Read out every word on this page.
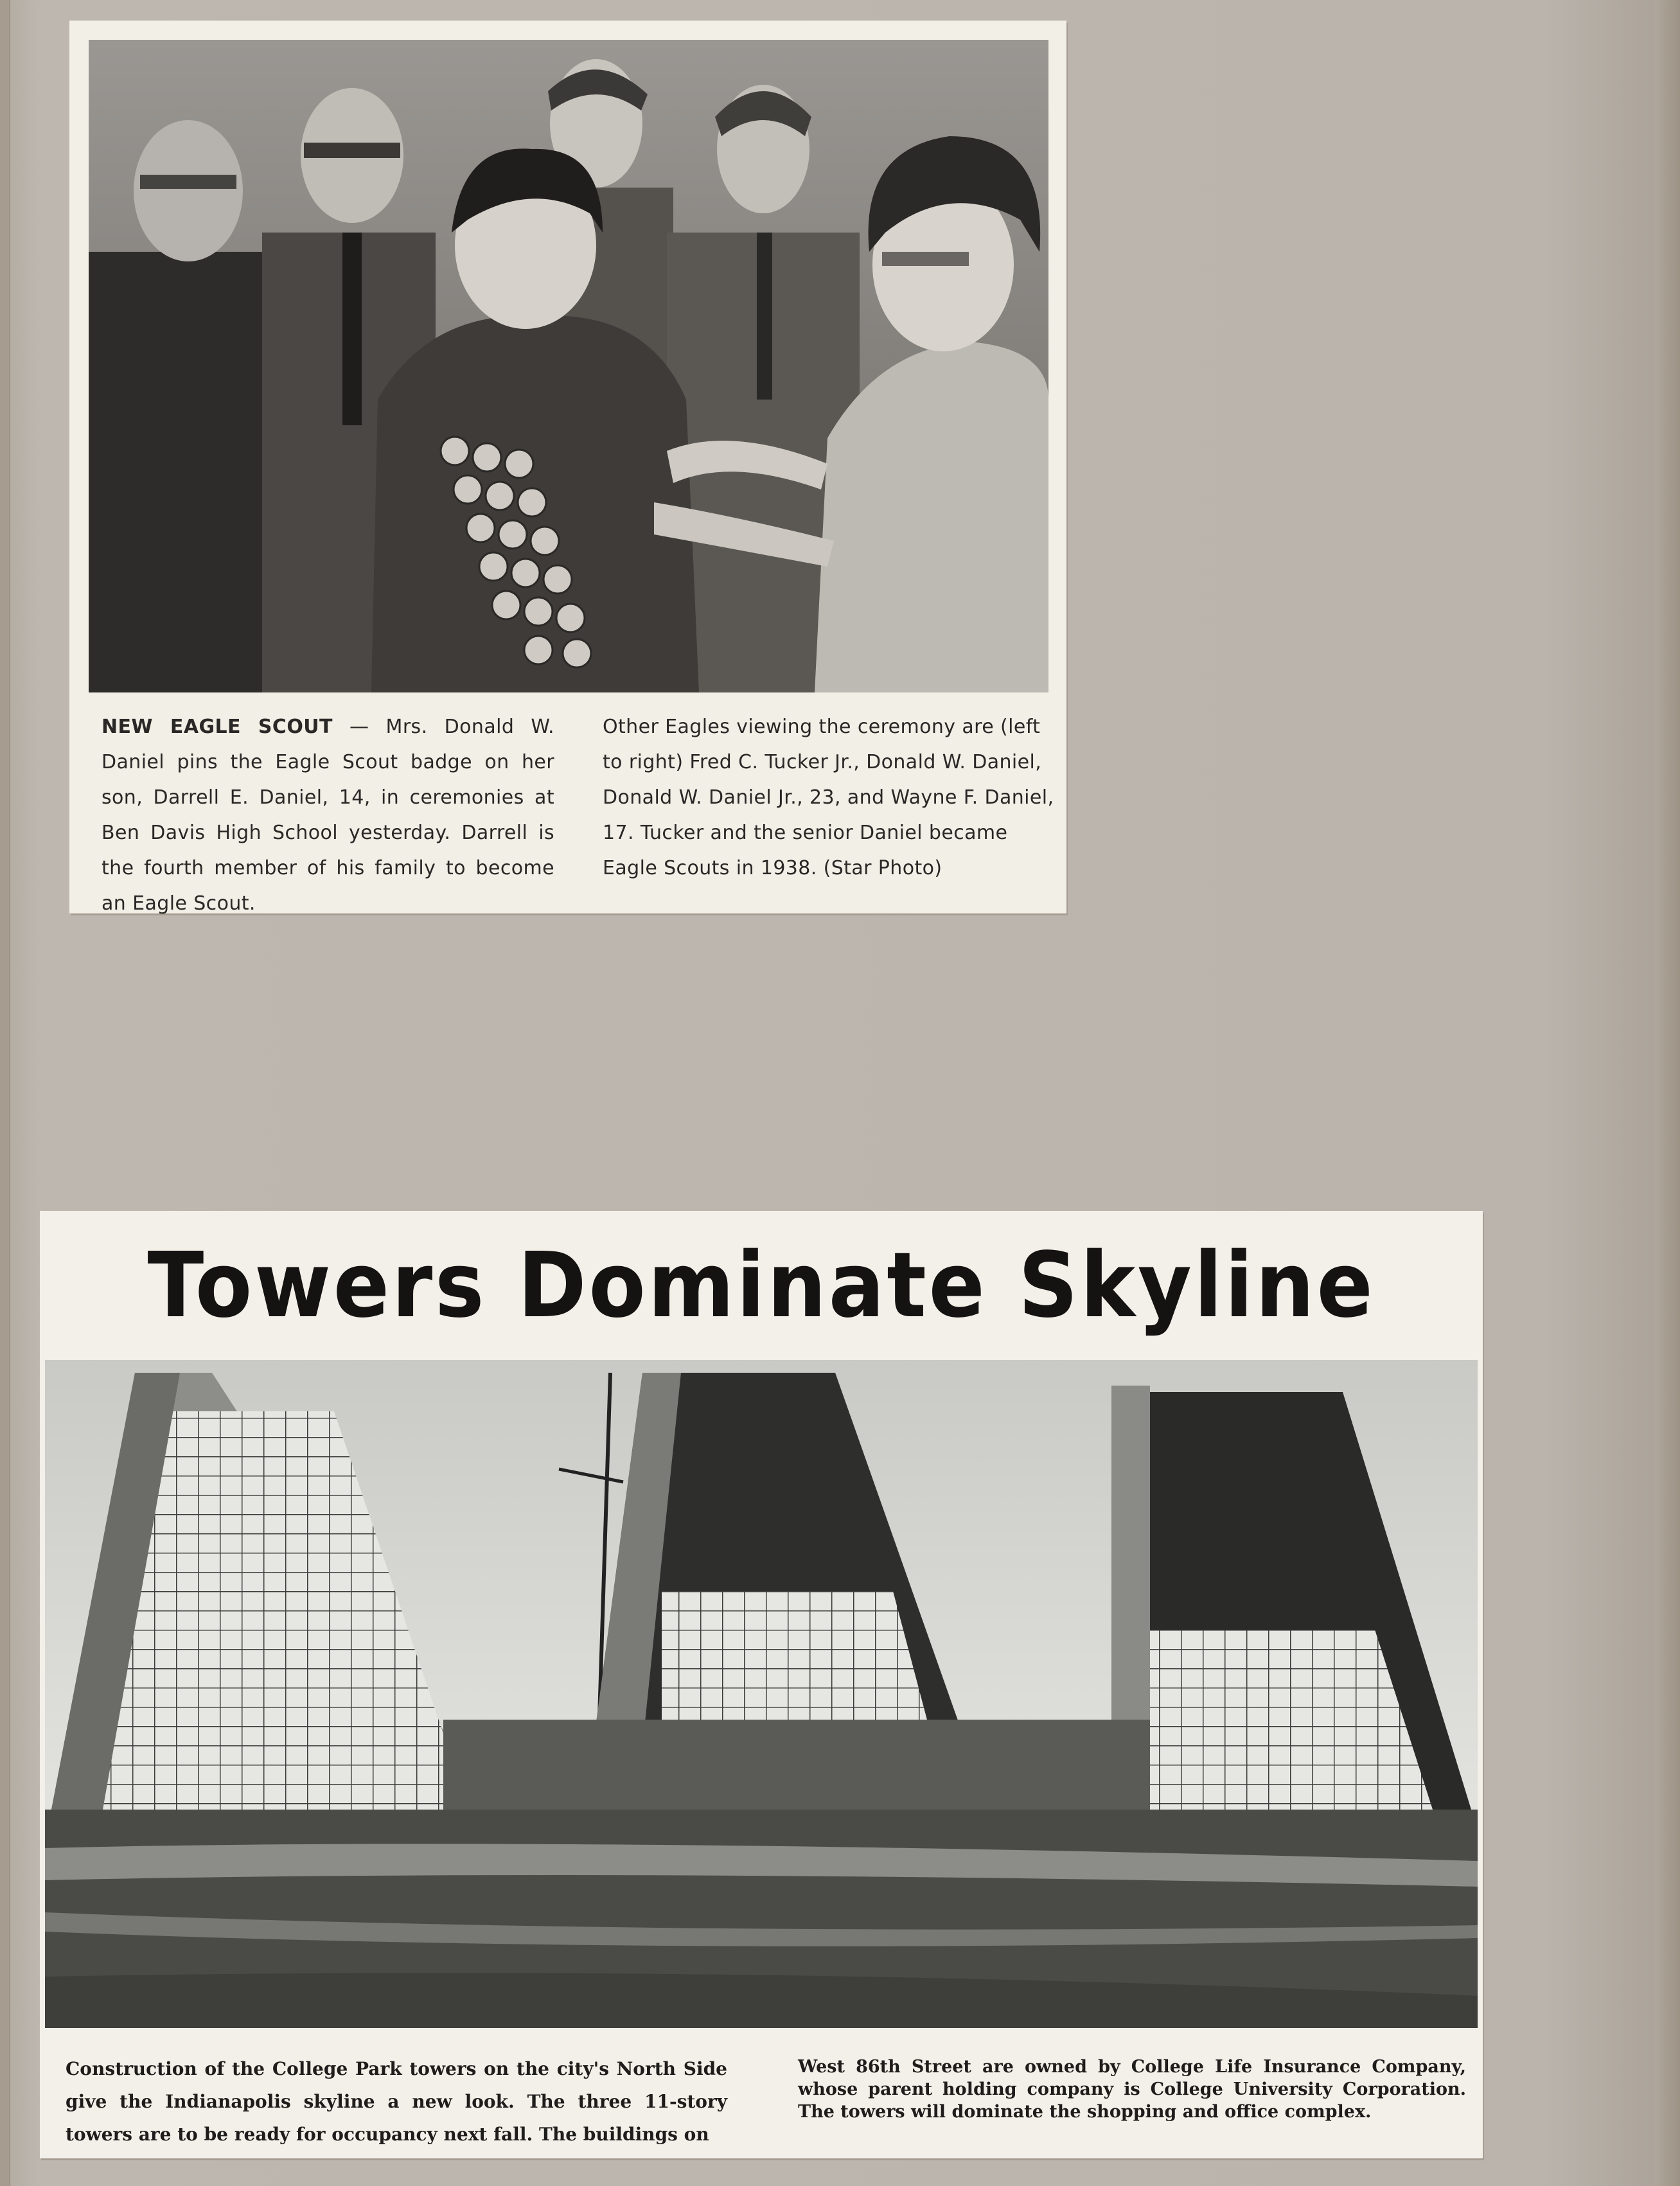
NEW EAGLE SCOUT — Mrs. Donald W. Daniel pins the Eagle Scout badge on her son, Darrell E. Daniel, 14, in ceremonies at Ben Davis High School yesterday. Darrell is the fourth member of his family to become an Eagle Scout.
Other Eagles viewing the ceremony are (left to right) Fred C. Tucker Jr., Donald W. Daniel, Donald W. Daniel Jr., 23, and Wayne F. Daniel, 17. Tucker and the senior Daniel became Eagle Scouts in 1938. (Star Photo)
Towers Dominate Skyline
Construction of the College Park towers on the city's North Side give the Indianapolis skyline a new look. The three 11-story towers are to be ready for occupancy next fall. The buildings on
West 86th Street are owned by College Life Insurance Company, whose parent holding company is College University Corporation. The towers will dominate the shopping and office complex.
